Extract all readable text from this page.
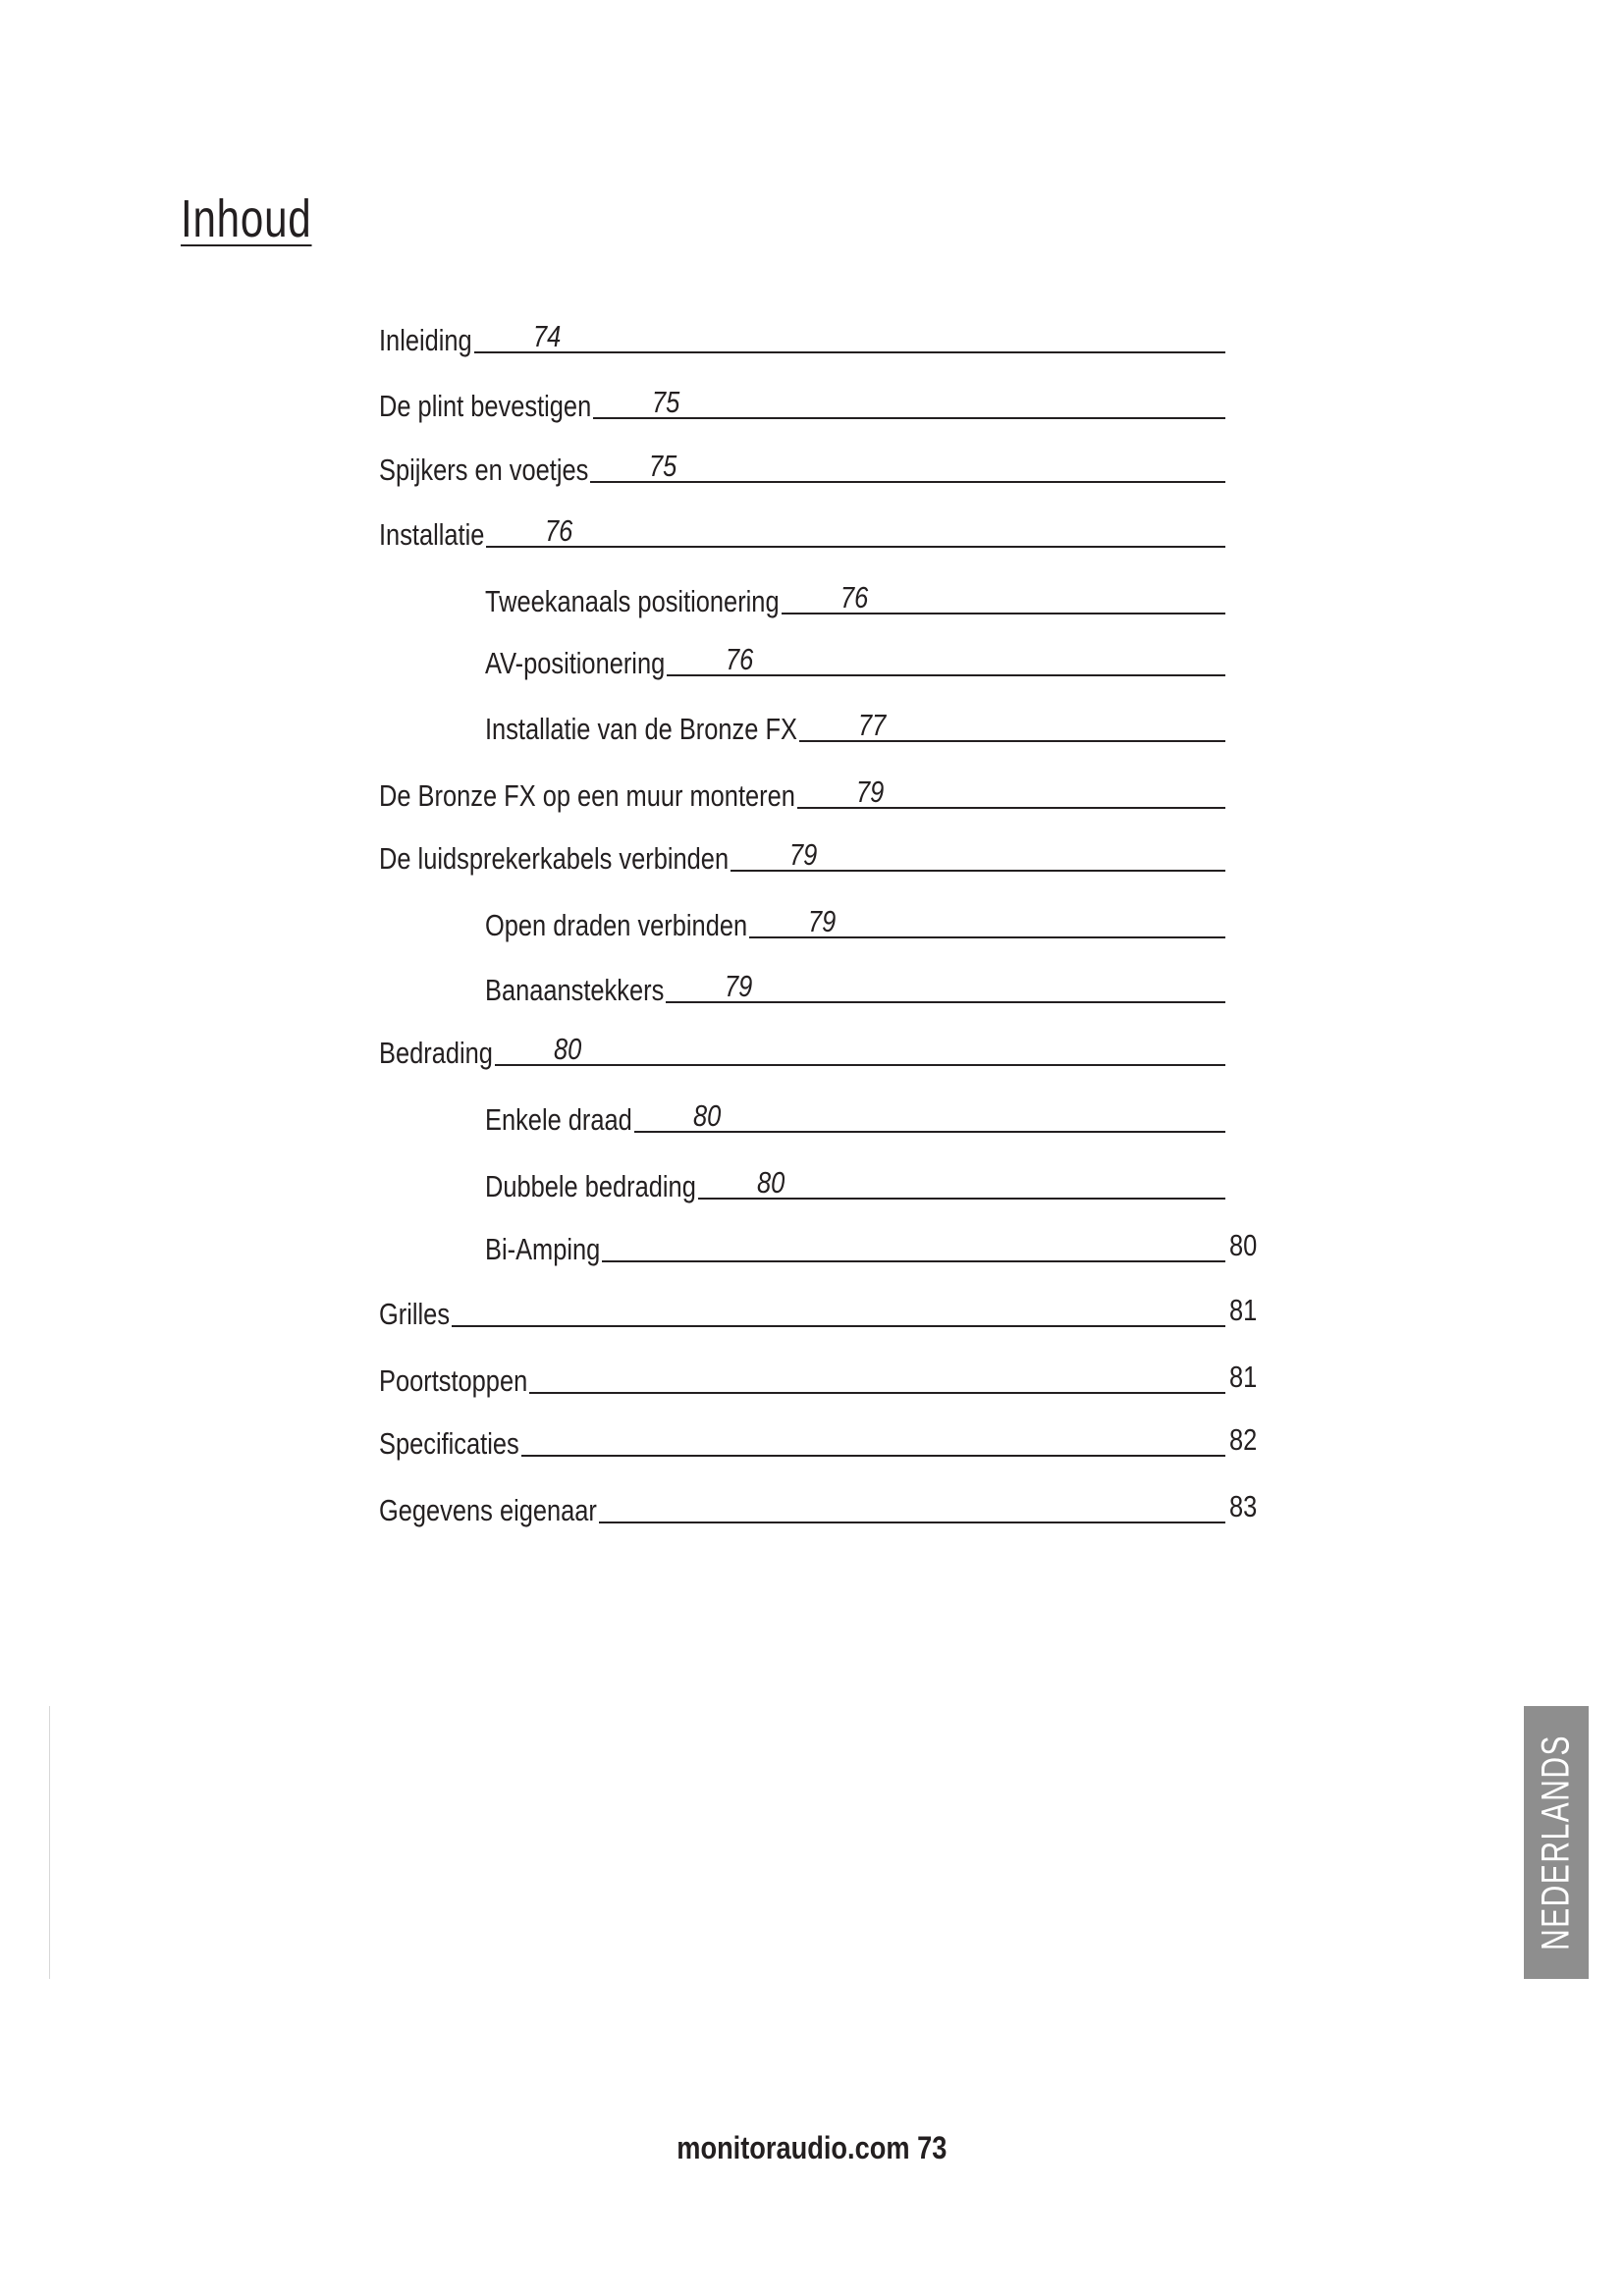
Inhoud
Inleiding 74
De plint bevestigen 75
Spijkers en voetjes 75
Installatie 76
Tweekanaals positionering 76
AV-positionering 76
Installatie van de Bronze FX 77
De Bronze FX op een muur monteren 79
De luidsprekerkabels verbinden 79
Open draden verbinden 79
Banaanstekkers 79
Bedrading 80
Enkele draad 80
Dubbele bedrading 80
Bi-Amping	80
Grilles	81
Poortstoppen	81
Specificaties	82
Gegevens eigenaar	83
NEDERLANDS
monitoraudio.com 73
